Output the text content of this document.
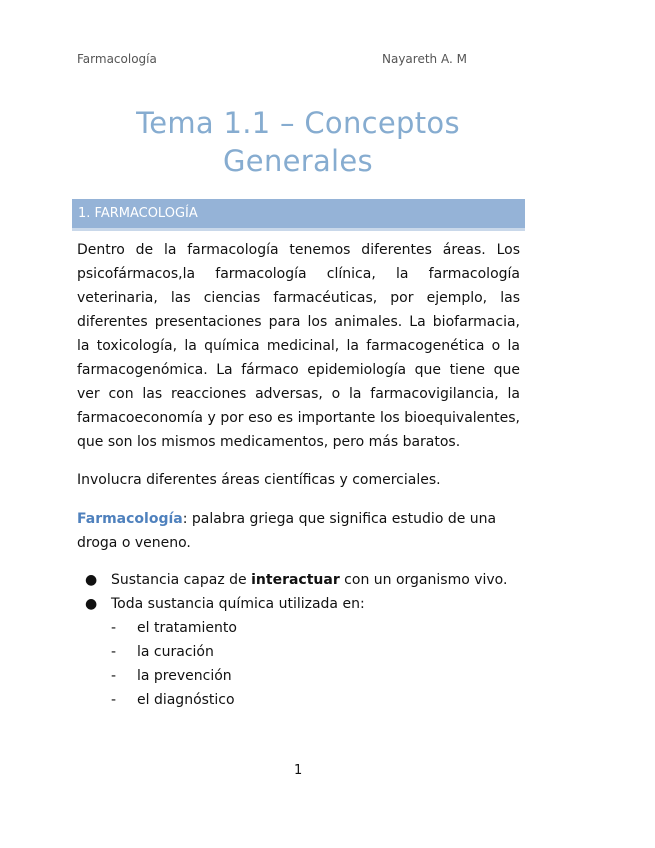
Farmacología	Nayareth A. M
Tema 1.1 – Conceptos
Generales
1. FARMACOLOGÍA
Dentro de la farmacología tenemos diferentes áreas. Los psicofármacos,la farmacología clínica, la farmacología veterinaria, las ciencias farmacéuticas, por ejemplo, las diferentes presentaciones para los animales. La biofarmacia, la toxicología, la química medicinal, la farmacogenética o la farmacogenómica. La fármaco epidemiología que tiene que ver con las reacciones adversas, o la farmacovigilancia, la farmacoeconomía y por eso es importante los bioequivalentes, que son los mismos medicamentos, pero más baratos.
Involucra diferentes áreas científicas y comerciales.
Farmacología: palabra griega que significa estudio de una droga o veneno.
● Sustancia capaz de interactuar con un organismo vivo.
● Toda sustancia química utilizada en:
- el tratamiento
- la curación
- la prevención
- el diagnóstico
1
